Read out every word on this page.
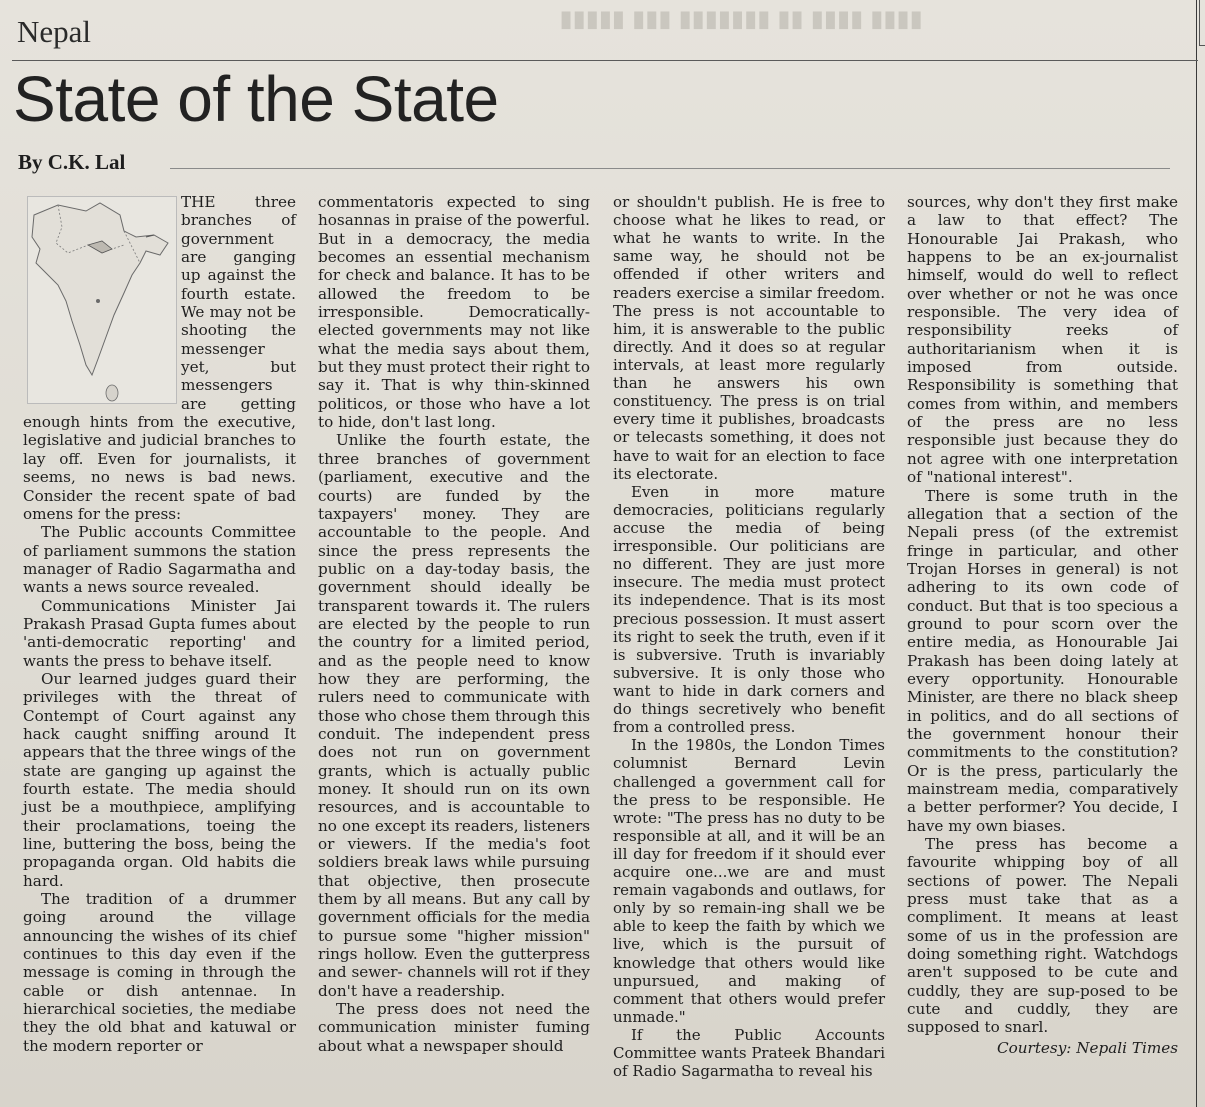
▮▮▮▮▮ ▮▮▮ ▮▮▮▮▮▮▮ ▮▮ ▮▮▮▮ ▮▮▮▮
Nepal
State of the State
By C.K. Lal

THE three branches of government are ganging up against the fourth estate. We may not be shooting the messenger yet, but messengers are getting enough hints from the executive, legislative and judicial branches to lay off. Even for journalists, it seems, no news is bad news. Consider the recent spate of bad omens for the press:

The Public accounts Committee of parliament summons the station manager of Radio Sagarmatha and wants a news source revealed.

Communications Minister Jai Prakash Prasad Gupta fumes about 'anti-democratic reporting' and wants the press to behave itself.

Our learned judges guard their privileges with the threat of Contempt of Court against any hack caught sniffing around It appears that the three wings of the state are ganging up against the fourth estate. The media should just be a mouthpiece, amplifying their proclamations, toeing the line, buttering the boss, being the propaganda organ. Old habits die hard.

The tradition of a drummer going around the village announcing the wishes of its chief continues to this day even if the message is coming in through the cable or dish antennae. In hierarchical societies, the mediabe they the old bhat and katuwal or the modern reporter or

commentatoris expected to sing hosannas in praise of the powerful. But in a democracy, the media becomes an essential mechanism for check and balance. It has to be allowed the freedom to be irresponsible. Democratically-elected governments may not like what the media says about them, but they must protect their right to say it. That is why thin-skinned politicos, or those who have a lot to hide, don't last long.

Unlike the fourth estate, the three branches of government (parliament, executive and the courts) are funded by the taxpayers' money. They are accountable to the people. And since the press represents the public on a day-today basis, the government should ideally be transparent towards it. The rulers are elected by the people to run the country for a limited period, and as the people need to know how they are performing, the rulers need to communicate with those who chose them through this conduit. The independent press does not run on government grants, which is actually public money. It should run on its own resources, and is accountable to no one except its readers, listeners or viewers. If the media's foot soldiers break laws while pursuing that objective, then prosecute them by all means. But any call by government officials for the media to pursue some "higher mission" rings hollow. Even the gutterpress and sewer- channels will rot if they don't have a readership.

The press does not need the communication minister fuming about what a newspaper should

or shouldn't publish. He is free to choose what he likes to read, or what he wants to write. In the same way, he should not be offended if other writers and readers exercise a similar freedom. The press is not accountable to him, it is answerable to the public directly. And it does so at regular intervals, at least more regularly than he answers his own constituency. The press is on trial every time it publishes, broadcasts or telecasts something, it does not have to wait for an election to face its electorate.

Even in more mature democracies, politicians regularly accuse the media of being irresponsible. Our politicians are no different. They are just more insecure. The media must protect its independence. That is its most precious possession. It must assert its right to seek the truth, even if it is subversive. Truth is invariably subversive. It is only those who want to hide in dark corners and do things secretively who benefit from a controlled press.

In the 1980s, the London Times columnist Bernard Levin challenged a government call for the press to be responsible. He wrote: "The press has no duty to be responsible at all, and it will be an ill day for freedom if it should ever acquire one...we are and must remain vagabonds and outlaws, for only by so remain-ing shall we be able to keep the faith by which we live, which is the pursuit of knowledge that others would like unpursued, and making of comment that others would prefer unmade."

If the Public Accounts Committee wants Prateek Bhandari of Radio Sagarmatha to reveal his

sources, why don't they first make a law to that effect? The Honourable Jai Prakash, who happens to be an ex-journalist himself, would do well to reflect over whether or not he was once responsible. The very idea of responsibility reeks of authoritarianism when it is imposed from outside. Responsibility is something that comes from within, and members of the press are no less responsible just because they do not agree with one interpretation of "national interest".

There is some truth in the allegation that a section of the Nepali press (of the extremist fringe in particular, and other Trojan Horses in general) is not adhering to its own code of conduct. But that is too specious a ground to pour scorn over the entire media, as Honourable Jai Prakash has been doing lately at every opportunity. Honourable Minister, are there no black sheep in politics, and do all sections of the government honour their commitments to the constitution? Or is the press, particularly the mainstream media, comparatively a better performer? You decide, I have my own biases.

The press has become a favourite whipping boy of all sections of power. The Nepali press must take that as a compliment. It means at least some of us in the profession are doing something right. Watchdogs aren't supposed to be cute and cuddly, they are sup-posed to be cute and cuddly, they are supposed to snarl.

Courtesy: Nepali Times
